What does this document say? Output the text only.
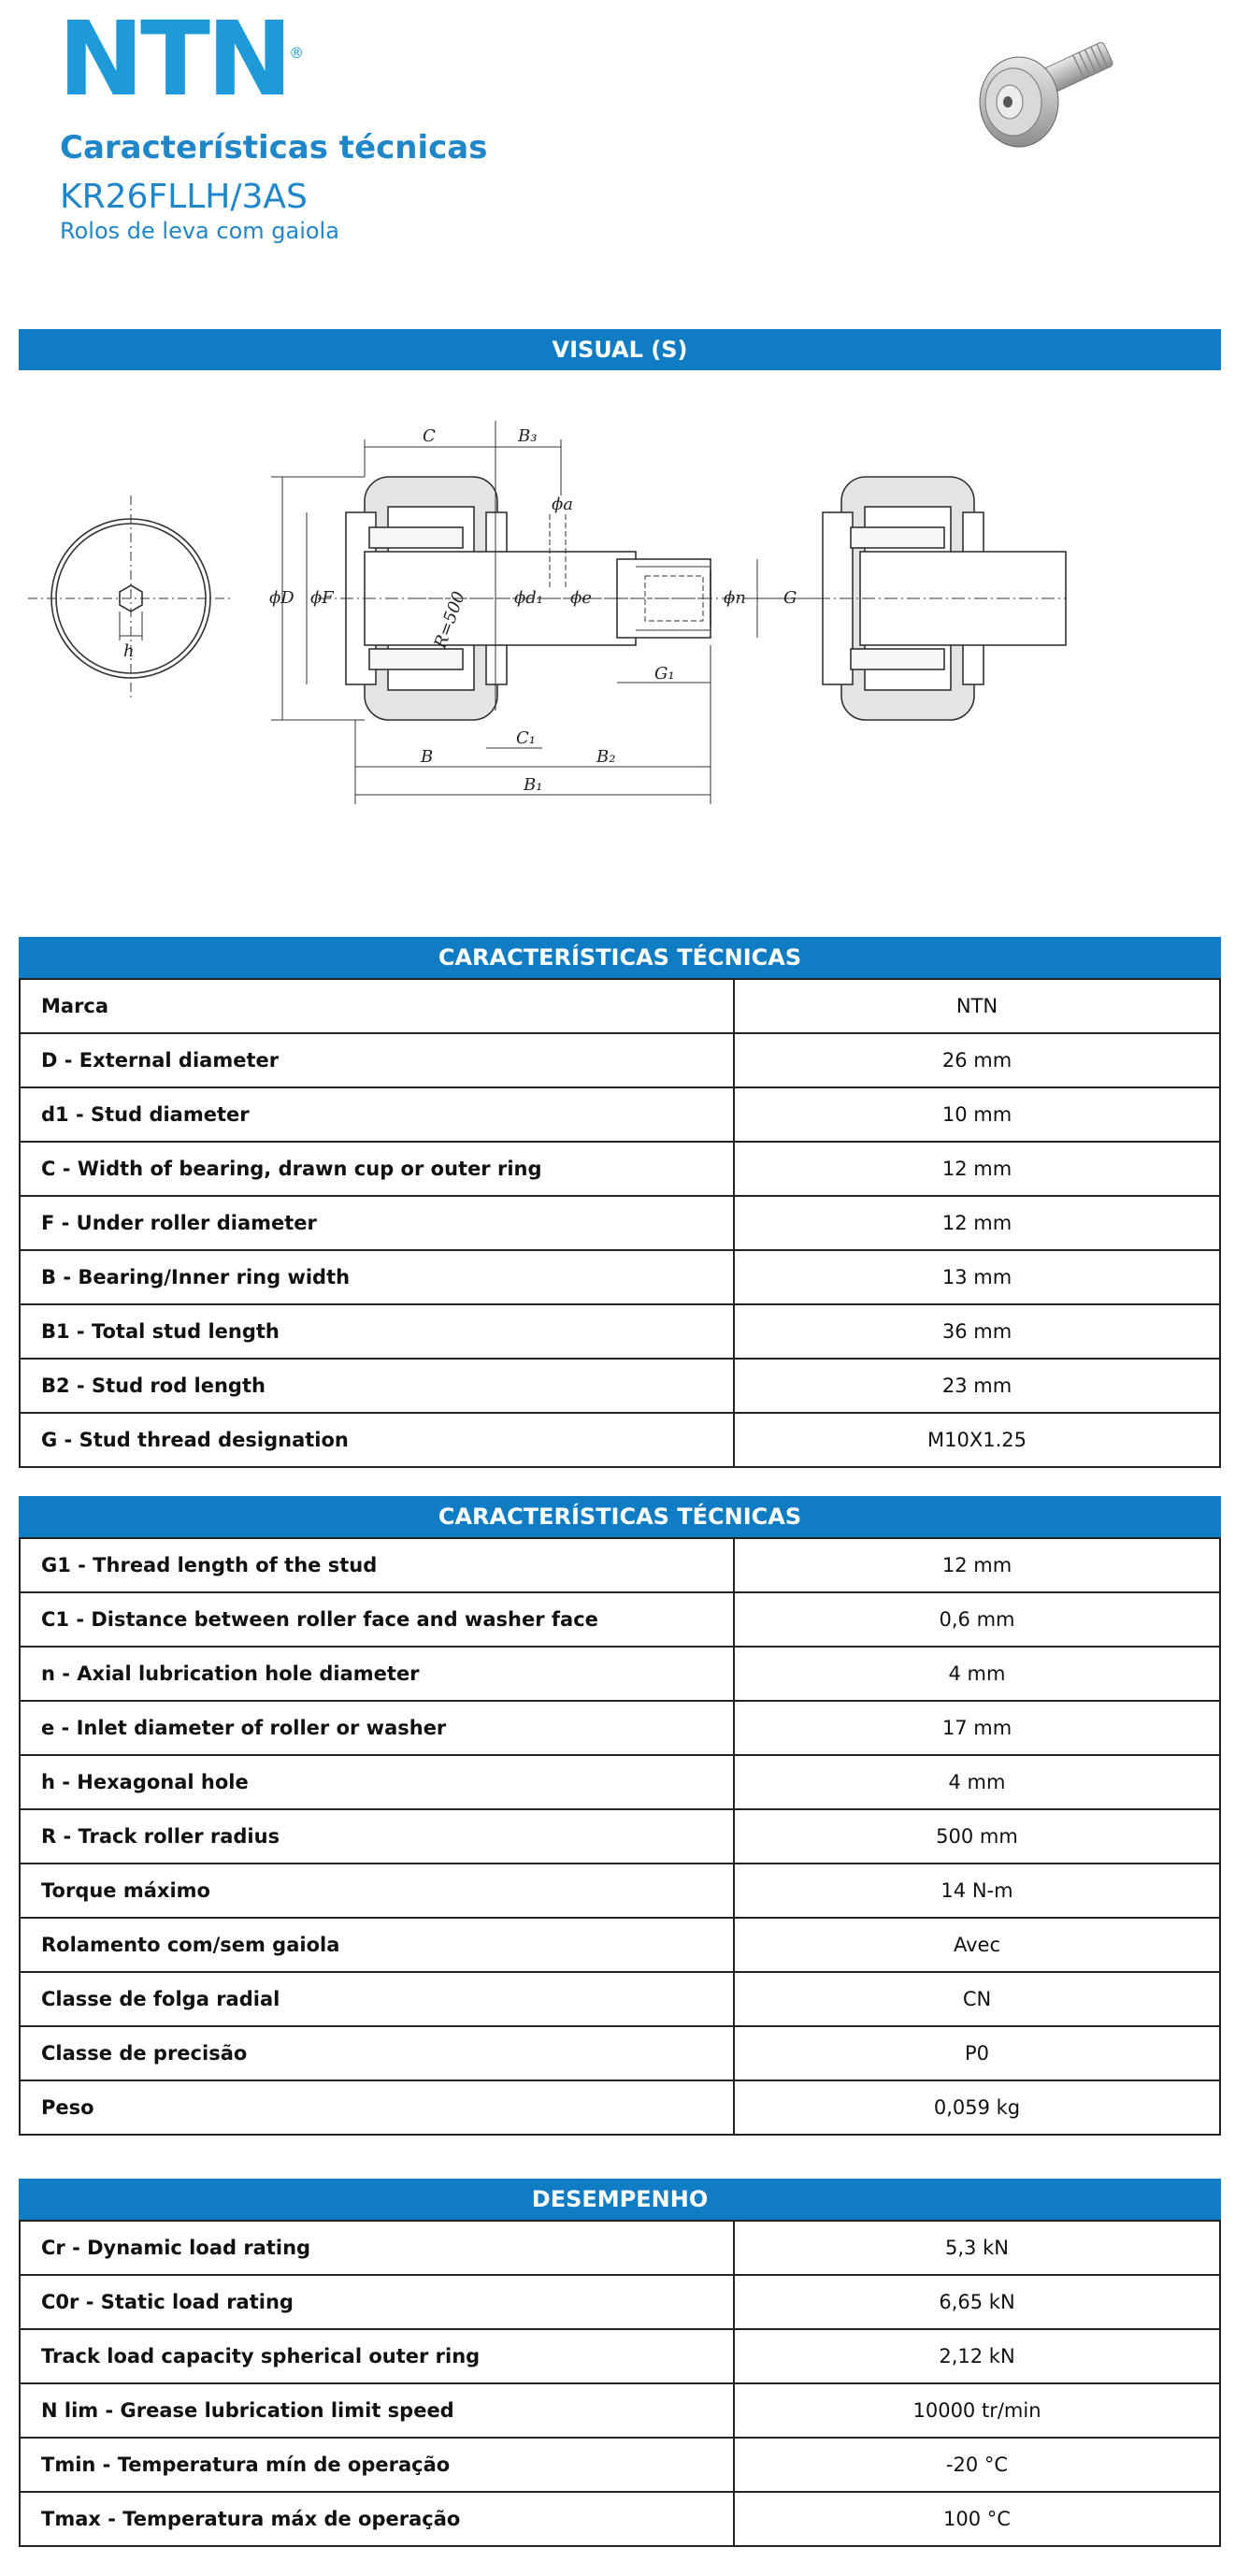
NTN®
Características técnicas
KR26FLLH/3AS
Rolos de leva com gaiola
VISUAL (S)
C	B₃
ϕD ϕF	ϕd₁
ϕa
ϕe	ϕn G
G₁
C₁
B	B₂
B₁
R=500
h
CARACTERÍSTICAS TÉCNICAS
Marca	NTN
D - External diameter	26 mm
d1 - Stud diameter	10 mm
C - Width of bearing, drawn cup or outer ring	12 mm
F - Under roller diameter	12 mm
B - Bearing/Inner ring width	13 mm
B1 - Total stud length	36 mm
B2 - Stud rod length	23 mm
G - Stud thread designation	M10X1.25
CARACTERÍSTICAS TÉCNICAS
G1 - Thread length of the stud	12 mm
C1 - Distance between roller face and washer face	0,6 mm
n - Axial lubrication hole diameter	4 mm
e - Inlet diameter of roller or washer	17 mm
h - Hexagonal hole	4 mm
R - Track roller radius	500 mm
Torque máximo	14 N-m
Rolamento com/sem gaiola	Avec
Classe de folga radial	CN
Classe de precisão	P0
Peso	0,059 kg
DESEMPENHO
Cr - Dynamic load rating	5,3 kN
C0r - Static load rating	6,65 kN
Track load capacity spherical outer ring	2,12 kN
N lim - Grease lubrication limit speed	10000 tr/min
Tmin - Temperatura mín de operação	-20 °C
Tmax - Temperatura máx de operação	100 °C
